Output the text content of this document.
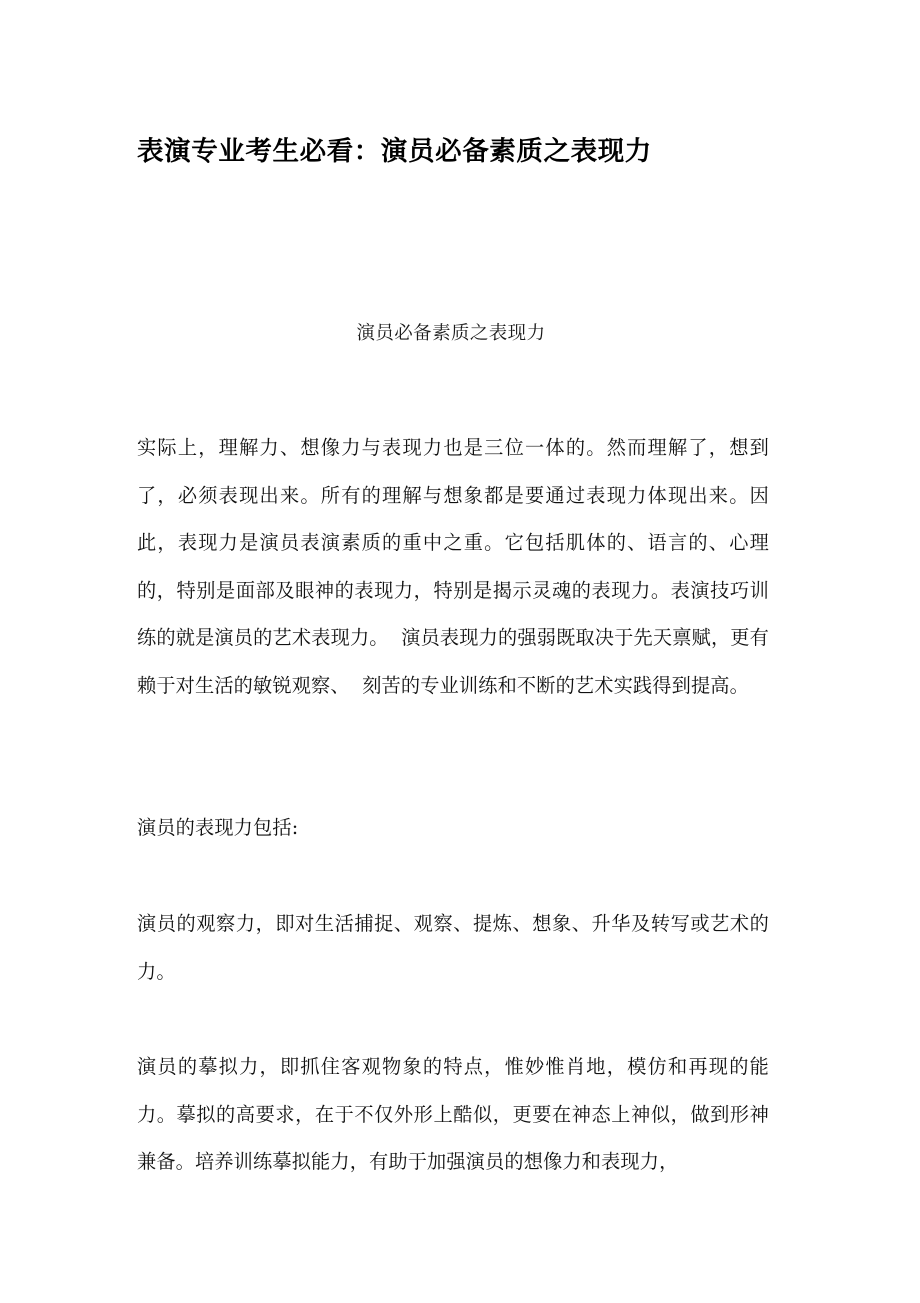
表演专业考生必看：演员必备素质之表现力
演员必备素质之表现力

实际上，理解力、想像力与表现力也是三位一体的。然而理解了，想到了，必须表现出来。所有的理解与想象都是要通过表现力体现出来。因此，表现力是演员表演素质的重中之重。它包括肌体的、语言的、心理的，特别是面部及眼神的表现力，特别是揭示灵魂的表现力。表演技巧训练的就是演员的艺术表现力。  演员表现力的强弱既取决于先天禀赋，更有赖于对生活的敏锐观察、  刻苦的专业训练和不断的艺术实践得到提高。

演员的表现力包括:

演员的观察力，即对生活捕捉、观察、提炼、想象、升华及转写或艺术的力。

演员的摹拟力，即抓住客观物象的特点，惟妙惟肖地，模仿和再现的能力。摹拟的高要求，在于不仅外形上酷似，更要在神态上神似，做到形神兼备。培养训练摹拟能力，有助于加强演员的想像力和表现力，
